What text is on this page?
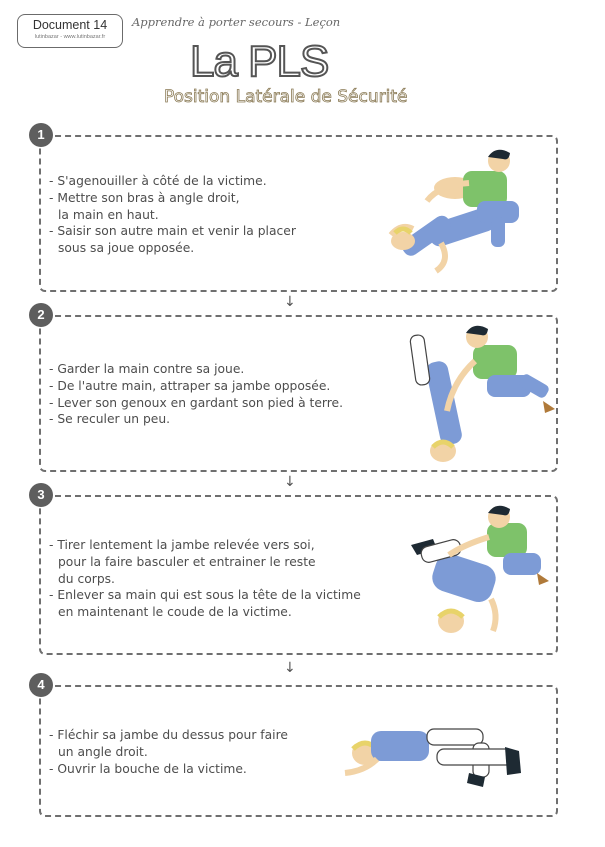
Document 14
lutinbazar - www.lutinbazar.fr
Apprendre à porter secours - Leçon
La PLS
Position Latérale de Sécurité
1
- S'agenouiller à côté de la victime.
- Mettre son bras à angle droit,
la main en haut.
- Saisir son autre main et venir la placer
sous sa joue opposée.
↓
2
- Garder la main contre sa joue.
- De l'autre main, attraper sa jambe opposée.
- Lever son genoux en gardant son pied à terre.
- Se reculer un peu.
↓
3
- Tirer lentement la jambe relevée vers soi,
pour la faire basculer et entrainer le reste
du corps.
- Enlever sa main qui est sous la tête de la victime
en maintenant le coude de la victime.
↓
4
- Fléchir sa jambe du dessus pour faire
un angle droit.
- Ouvrir la bouche de la victime.
